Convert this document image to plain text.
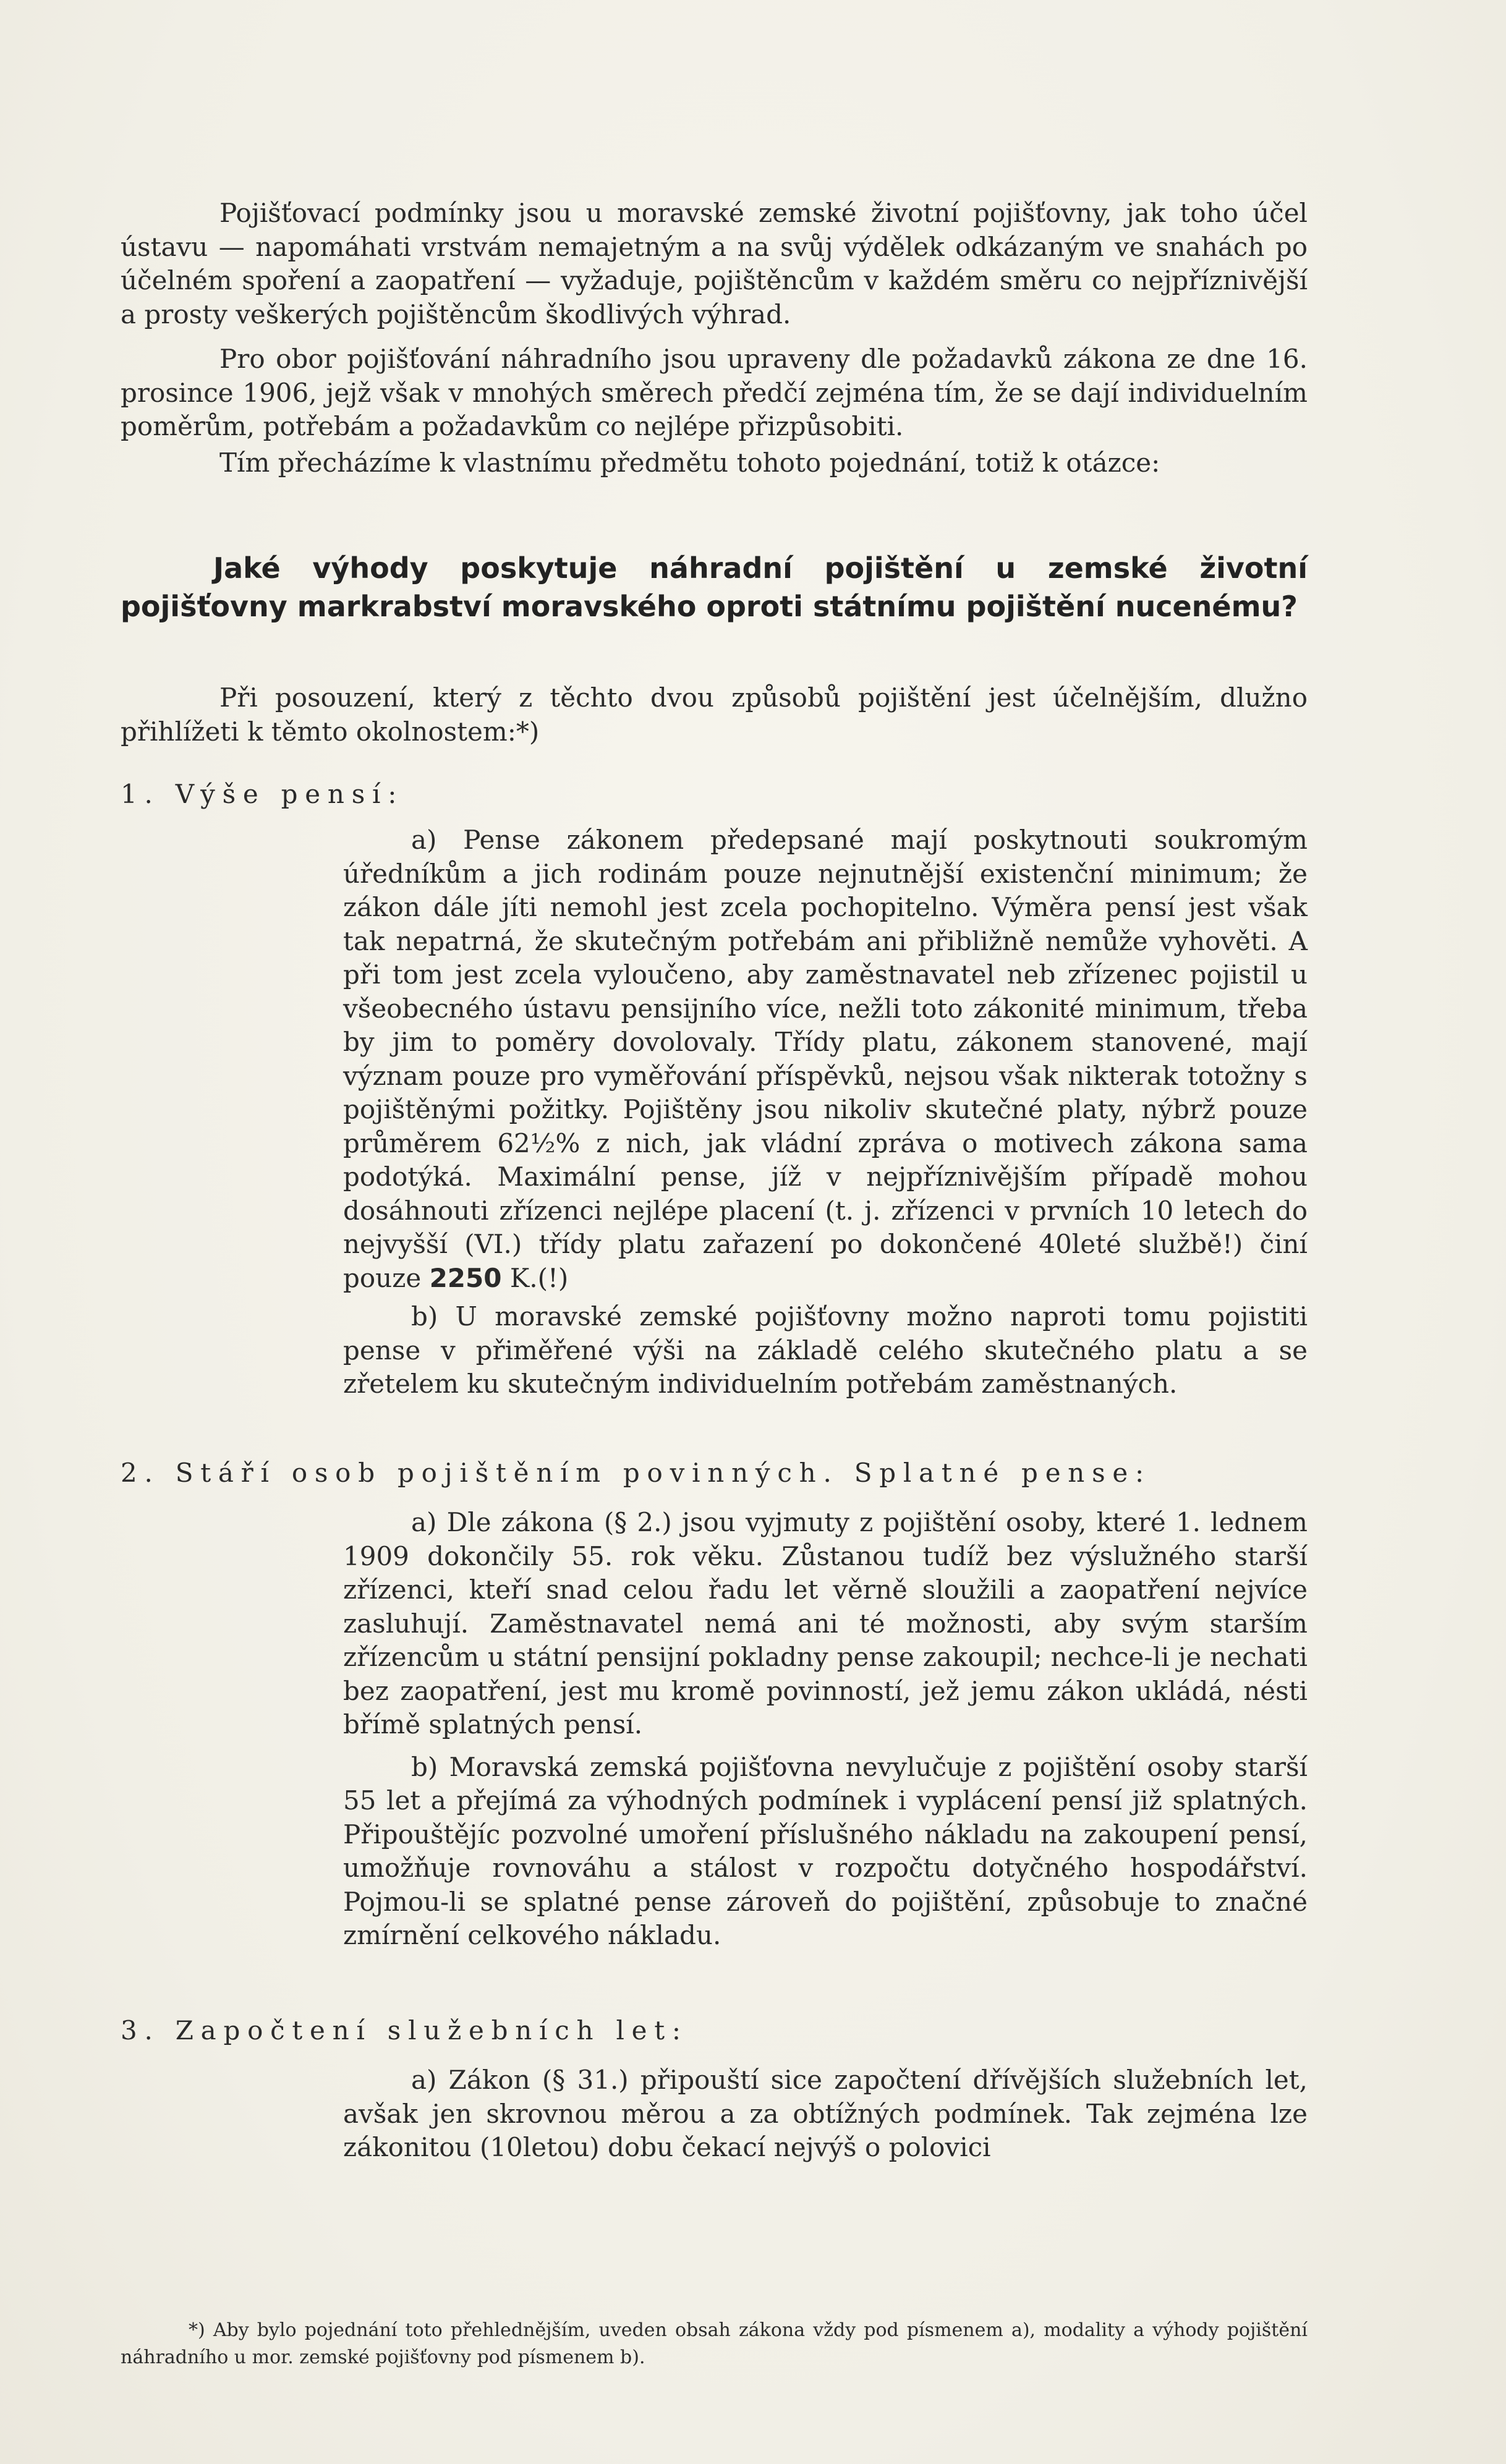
Pojišťovací podmínky jsou u moravské zemské životní pojišťovny, jak toho účel ústavu — napomáhati vrstvám nemajetným a na svůj výdělek odkázaným ve snahách po účelném spoření a zaopatření — vyžaduje, pojištěncům v každém směru co nejpříznivější a prosty veškerých pojištěncům škodlivých výhrad.

Pro obor pojišťování náhradního jsou upraveny dle požadavků zákona ze dne 16. prosince 1906, jejž však v mnohých směrech předčí zejména tím, že se dají individuelním poměrům, potřebám a požadavkům co nejlépe přizpůsobiti.

Tím přecházíme k vlastnímu předmětu tohoto pojednání, totiž k otázce:

Jaké výhody poskytuje náhradní pojištění u zemské životní pojišťovny markrabství moravského oproti státnímu pojištění nucenému?

Při posouzení, který z těchto dvou způsobů pojištění jest účelnějším, dlužno přihlížeti k těmto okolnostem:*)

1. Výše pensí:

a) Pense zákonem předepsané mají poskytnouti soukromým úředníkům a jich rodinám pouze nejnutnější existenční minimum; že zákon dále jíti nemohl jest zcela pochopitelno. Výměra pensí jest však tak nepatrná, že skutečným potřebám ani přibližně nemůže vyhověti. A při tom jest zcela vyloučeno, aby zaměstnavatel neb zřízenec pojistil u všeobecného ústavu pensijního více, nežli toto zákonité minimum, třeba by jim to poměry dovolovaly. Třídy platu, zákonem stanovené, mají význam pouze pro vyměřování příspěvků, nejsou však nikterak totožny s pojištěnými požitky. Pojištěny jsou nikoliv skutečné platy, nýbrž pouze průměrem 62½% z nich, jak vládní zpráva o motivech zákona sama podotýká. Maximální pense, jíž v nejpříznivějším případě mohou dosáhnouti zřízenci nejlépe placení (t. j. zřízenci v prvních 10 letech do nejvyšší (VI.) třídy platu zařazení po dokončené 40leté službě!) činí pouze 2250 K.(!)

b) U moravské zemské pojišťovny možno naproti tomu pojistiti pense v přiměřené výši na základě celého skutečného platu a se zřetelem ku skutečným individuelním potřebám zaměstnaných.

2. Stáří osob pojištěním povinných. Splatné pense:

a) Dle zákona (§ 2.) jsou vyjmuty z pojištění osoby, které 1. lednem 1909 dokončily 55. rok věku. Zůstanou tudíž bez výslužného starší zřízenci, kteří snad celou řadu let věrně sloužili a zaopatření nejvíce zasluhují. Zaměstnavatel nemá ani té možnosti, aby svým starším zřízencům u státní pensijní pokladny pense zakoupil; nechce-li je nechati bez zaopatření, jest mu kromě povinností, jež jemu zákon ukládá, nésti břímě splatných pensí.

b) Moravská zemská pojišťovna nevylučuje z pojištění osoby starší 55 let a přejímá za výhodných podmínek i vyplácení pensí již splatných. Připouštějíc pozvolné umoření příslušného nákladu na zakoupení pensí, umožňuje rovnováhu a stálost v rozpočtu dotyčného hospodářství. Pojmou-li se splatné pense zároveň do pojištění, způsobuje to značné zmírnění celkového nákladu.

3. Započtení služebních let:

a) Zákon (§ 31.) připouští sice započtení dřívějších služebních let, avšak jen skrovnou měrou a za obtížných podmínek. Tak zejména lze zákonitou (10letou) dobu čekací nejvýš o polovici

*) Aby bylo pojednání toto přehlednějším, uveden obsah zákona vždy pod písmenem a), modality a výhody pojištění náhradního u mor. zemské pojišťovny pod písmenem b).
